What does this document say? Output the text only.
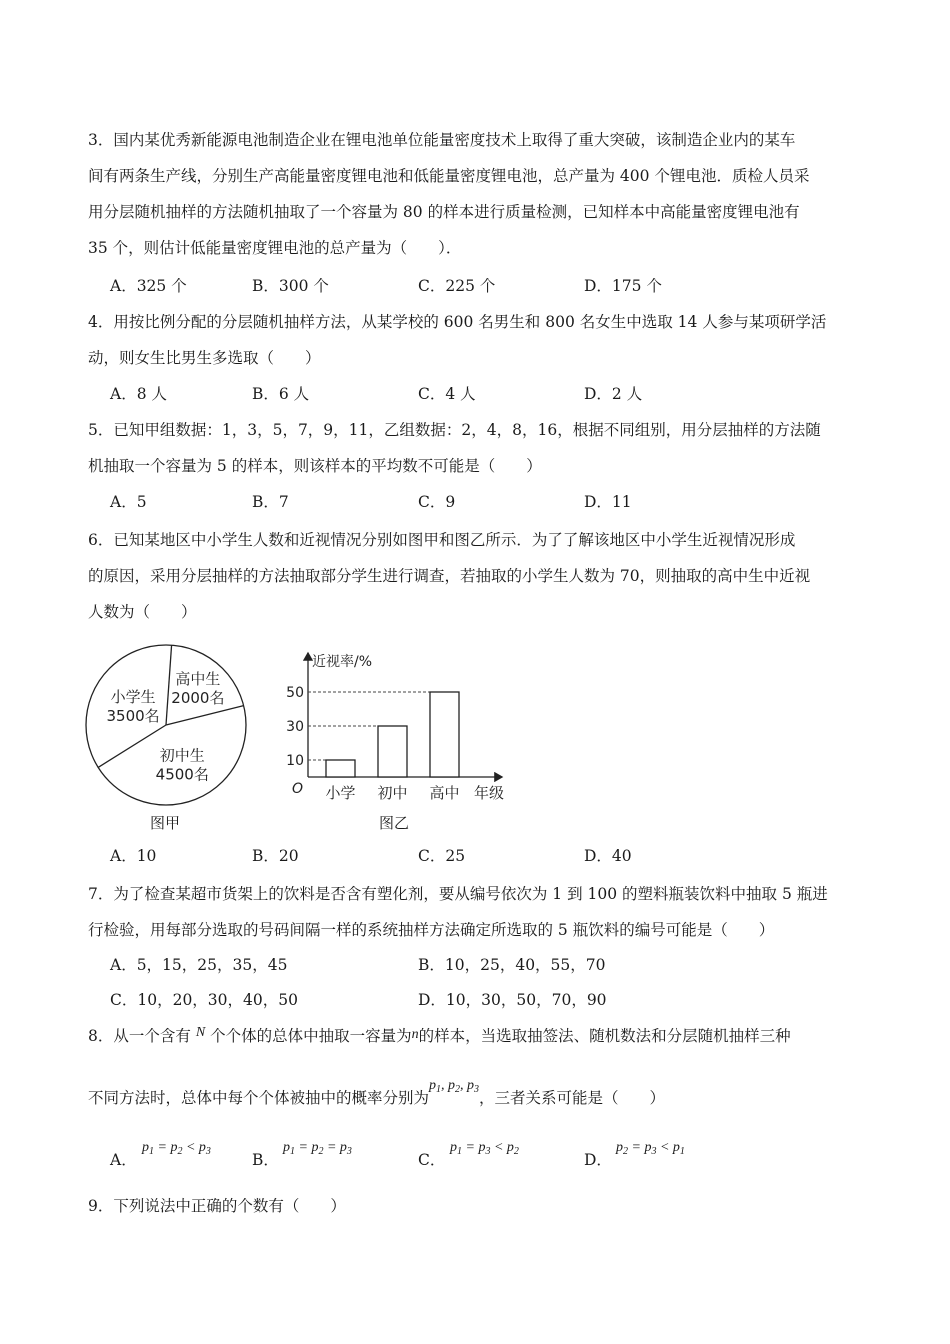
3．国内某优秀新能源电池制造企业在锂电池单位能量密度技术上取得了重大突破，该制造企业内的某车
间有两条生产线，分别生产高能量密度锂电池和低能量密度锂电池，总产量为 400 个锂电池．质检人员采
用分层随机抽样的方法随机抽取了一个容量为 80 的样本进行质量检测，已知样本中高能量密度锂电池有
35 个，则估计低能量密度锂电池的总产量为（　　）．
A．325 个	B．300 个	C．225 个	D．175 个
4．用按比例分配的分层随机抽样方法，从某学校的 600 名男生和 800 名女生中选取 14 人参与某项研学活
动，则女生比男生多选取（　　）
A．8 人	B．6 人	C．4 人	D．2 人
5．已知甲组数据：1，3，5，7，9，11，乙组数据：2，4，8，16，根据不同组别，用分层抽样的方法随
机抽取一个容量为 5 的样本，则该样本的平均数不可能是（　　）
A．5	B．7	C．9	D．11
6．已知某地区中小学生人数和近视情况分别如图甲和图乙所示．为了了解该地区中小学生近视情况形成
的原因，采用分层抽样的方法抽取部分学生进行调查，若抽取的小学生人数为 70，则抽取的高中生中近视
人数为（　　）
小学生
3500名
高中生
2000名
初中生
4500名
图甲
近视率/%
O	年级
小学
10
初中
30
高中
50
图乙
A．10	B．20	C．25	D．40
7．为了检查某超市货架上的饮料是否含有塑化剂，要从编号依次为 1 到 100 的塑料瓶装饮料中抽取 5 瓶进
行检验，用每部分选取的号码间隔一样的系统抽样方法确定所选取的 5 瓶饮料的编号可能是（　　）
A．5，15，25，35，45	B．10，25，40，55，70
C．10，20，30，40，50	D．10，30，50，70，90
8．从一个含有 N 个个体的总体中抽取一容量为n的样本，当选取抽签法、随机数法和分层随机抽样三种
不同方法时，总体中每个个体被抽中的概率分别为$p_1$, $p_2$, $p_3$，三者关系可能是（　　）
A．
$p_1 = p_2 < p_3$	B．
$p_1 = p_2 = p_3$	C．
$p_1 = p_3 < p_2$	D．
$p_2 = p_3 < p_1$
9．下列说法中正确的个数有（　　）
